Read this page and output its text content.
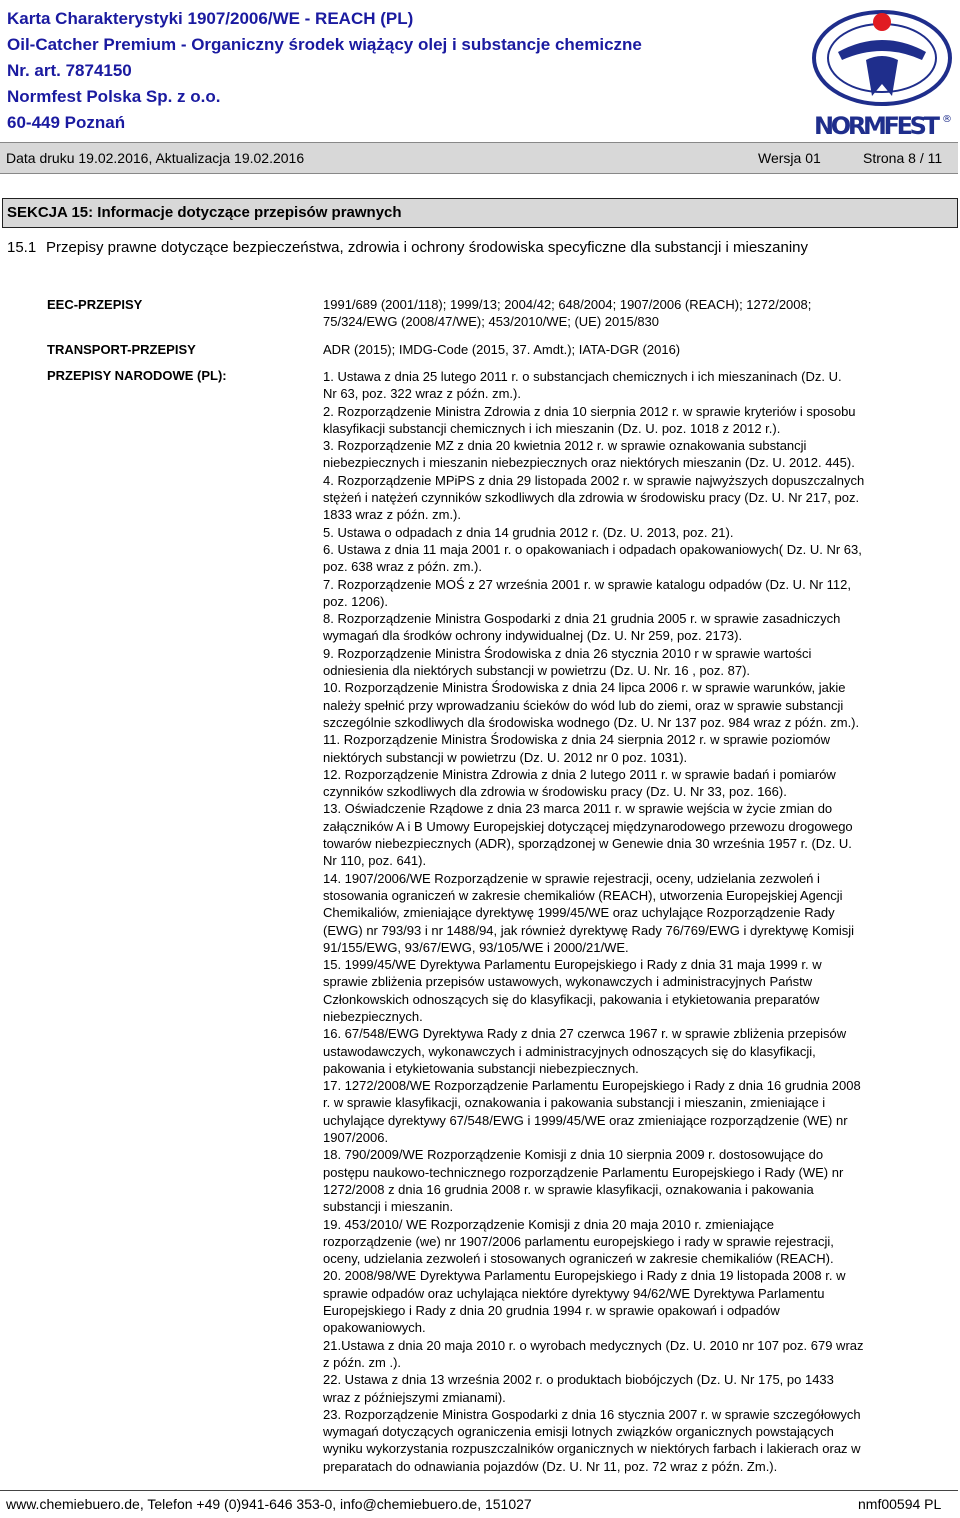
Karta Charakterystyki 1907/2006/WE - REACH (PL)
Oil-Catcher Premium - Organiczny środek wiążący olej i substancje chemiczne
Nr. art. 7874150
Normfest Polska Sp. z o.o.
60-449 Poznań	NORMFEST ®
Data druku 19.02.2016, Aktualizacja 19.02.2016	Wersja 01	Strona 8 / 11
SEKCJA 15: Informacje dotyczące przepisów prawnych
15.1 Przepisy prawne dotyczące bezpieczeństwa, zdrowia i ochrony środowiska specyficzne dla substancji i mieszaniny
EEC-PRZEPISY	1991/689 (2001/118); 1999/13; 2004/42; 648/2004; 1907/2006 (REACH); 1272/2008;
75/324/EWG (2008/47/WE); 453/2010/WE; (UE) 2015/830
TRANSPORT-PRZEPISY	ADR (2015); IMDG-Code (2015, 37. Amdt.); IATA-DGR (2016)
PRZEPISY NARODOWE (PL):	1. Ustawa z dnia 25 lutego 2011 r. o substancjach chemicznych i ich mieszaninach (Dz. U.
Nr 63, poz. 322 wraz z późn. zm.).
2. Rozporządzenie Ministra Zdrowia z dnia 10 sierpnia 2012 r. w sprawie kryteriów i sposobu
klasyfikacji substancji chemicznych i ich mieszanin (Dz. U. poz. 1018 z 2012 r.).
3. Rozporządzenie MZ z dnia 20 kwietnia 2012 r. w sprawie oznakowania substancji
niebezpiecznych i mieszanin niebezpiecznych oraz niektórych mieszanin (Dz. U. 2012. 445).
4. Rozporządzenie MPiPS z dnia 29 listopada 2002 r. w sprawie najwyższych dopuszczalnych
stężeń i natężeń czynników szkodliwych dla zdrowia w środowisku pracy (Dz. U. Nr 217, poz.
1833 wraz z późn. zm.).
5. Ustawa o odpadach z dnia 14 grudnia 2012 r. (Dz. U. 2013, poz. 21).
6. Ustawa z dnia 11 maja 2001 r. o opakowaniach i odpadach opakowaniowych( Dz. U. Nr 63,
poz. 638 wraz z późn. zm.).
7. Rozporządzenie MOŚ z 27 września 2001 r. w sprawie katalogu odpadów (Dz. U. Nr 112,
poz. 1206).
8. Rozporządzenie Ministra Gospodarki z dnia 21 grudnia 2005 r. w sprawie zasadniczych
wymagań dla środków ochrony indywidualnej (Dz. U. Nr 259, poz. 2173).
9. Rozporządzenie Ministra Środowiska z dnia 26 stycznia 2010 r w sprawie wartości
odniesienia dla niektórych substancji w powietrzu (Dz. U. Nr. 16 , poz. 87).
10. Rozporządzenie Ministra Środowiska z dnia 24 lipca 2006 r. w sprawie warunków, jakie
należy spełnić przy wprowadzaniu ścieków do wód lub do ziemi, oraz w sprawie substancji
szczególnie szkodliwych dla środowiska wodnego (Dz. U. Nr 137 poz. 984 wraz z późn. zm.).
11. Rozporządzenie Ministra Środowiska z dnia 24 sierpnia 2012 r. w sprawie poziomów
niektórych substancji w powietrzu (Dz. U. 2012 nr 0 poz. 1031).
12. Rozporządzenie Ministra Zdrowia z dnia 2 lutego 2011 r. w sprawie badań i pomiarów
czynników szkodliwych dla zdrowia w środowisku pracy (Dz. U. Nr 33, poz. 166).
13. Oświadczenie Rządowe z dnia 23 marca 2011 r. w sprawie wejścia w życie zmian do
załączników A i B Umowy Europejskiej dotyczącej międzynarodowego przewozu drogowego
towarów niebezpiecznych (ADR), sporządzonej w Genewie dnia 30 września 1957 r. (Dz. U.
Nr 110, poz. 641).
14. 1907/2006/WE Rozporządzenie w sprawie rejestracji, oceny, udzielania zezwoleń i
stosowania ograniczeń w zakresie chemikaliów (REACH), utworzenia Europejskiej Agencji
Chemikaliów, zmieniające dyrektywę 1999/45/WE oraz uchylające Rozporządzenie Rady
(EWG) nr 793/93 i nr 1488/94, jak również dyrektywę Rady 76/769/EWG i dyrektywę Komisji
91/155/EWG, 93/67/EWG, 93/105/WE i 2000/21/WE.
15. 1999/45/WE Dyrektywa Parlamentu Europejskiego i Rady z dnia 31 maja 1999 r. w
sprawie zbliżenia przepisów ustawowych, wykonawczych i administracyjnych Państw
Członkowskich odnoszących się do klasyfikacji, pakowania i etykietowania preparatów
niebezpiecznych.
16. 67/548/EWG Dyrektywa Rady z dnia 27 czerwca 1967 r. w sprawie zbliżenia przepisów
ustawodawczych, wykonawczych i administracyjnych odnoszących się do klasyfikacji,
pakowania i etykietowania substancji niebezpiecznych.
17. 1272/2008/WE Rozporządzenie Parlamentu Europejskiego i Rady z dnia 16 grudnia 2008
r. w sprawie klasyfikacji, oznakowania i pakowania substancji i mieszanin, zmieniające i
uchylające dyrektywy 67/548/EWG i 1999/45/WE oraz zmieniające rozporządzenie (WE) nr
1907/2006.
18. 790/2009/WE Rozporządzenie Komisji z dnia 10 sierpnia 2009 r. dostosowujące do
postępu naukowo-technicznego rozporządzenie Parlamentu Europejskiego i Rady (WE) nr
1272/2008 z dnia 16 grudnia 2008 r. w sprawie klasyfikacji, oznakowania i pakowania
substancji i mieszanin.
19. 453/2010/ WE Rozporządzenie Komisji z dnia 20 maja 2010 r. zmieniające
rozporządzenie (we) nr 1907/2006 parlamentu europejskiego i rady w sprawie rejestracji,
oceny, udzielania zezwoleń i stosowanych ograniczeń w zakresie chemikaliów (REACH).
20. 2008/98/WE Dyrektywa Parlamentu Europejskiego i Rady z dnia 19 listopada 2008 r. w
sprawie odpadów oraz uchylająca niektóre dyrektywy 94/62/WE Dyrektywa Parlamentu
Europejskiego i Rady z dnia 20 grudnia 1994 r. w sprawie opakowań i odpadów
opakowaniowych.
21.Ustawa z dnia 20 maja 2010 r. o wyrobach medycznych (Dz. U. 2010 nr 107 poz. 679 wraz
z późn. zm .).
22. Ustawa z dnia 13 września 2002 r. o produktach biobójczych (Dz. U. Nr 175, po 1433
wraz z późniejszymi zmianami).
23. Rozporządzenie Ministra Gospodarki z dnia 16 stycznia 2007 r. w sprawie szczegółowych
wymagań dotyczących ograniczenia emisji lotnych związków organicznych powstających
wyniku wykorzystania rozpuszczalników organicznych w niektórych farbach i lakierach oraz w
preparatach do odnawiania pojazdów (Dz. U. Nr 11, poz. 72 wraz z późn. Zm.).
www.chemiebuero.de, Telefon +49 (0)941-646 353-0, info@chemiebuero.de, 151027	nmf00594 PL
